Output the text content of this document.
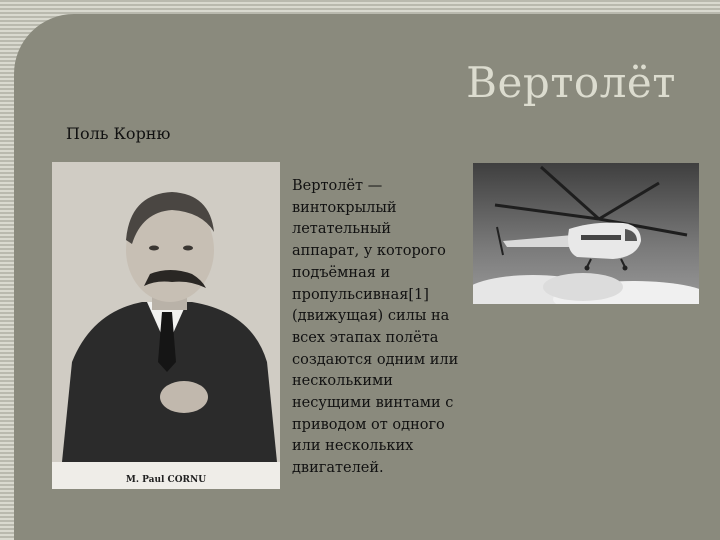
Вертолёт
Поль Корню
M. Paul CORNU
Вертолёт — винтокрылый летательный аппарат, у которого подъёмная и пропульсивная[1] (движущая) силы на всех этапах полёта создаются одним или несколькими несущими винтами с приводом от одного или нескольких двигателей.
